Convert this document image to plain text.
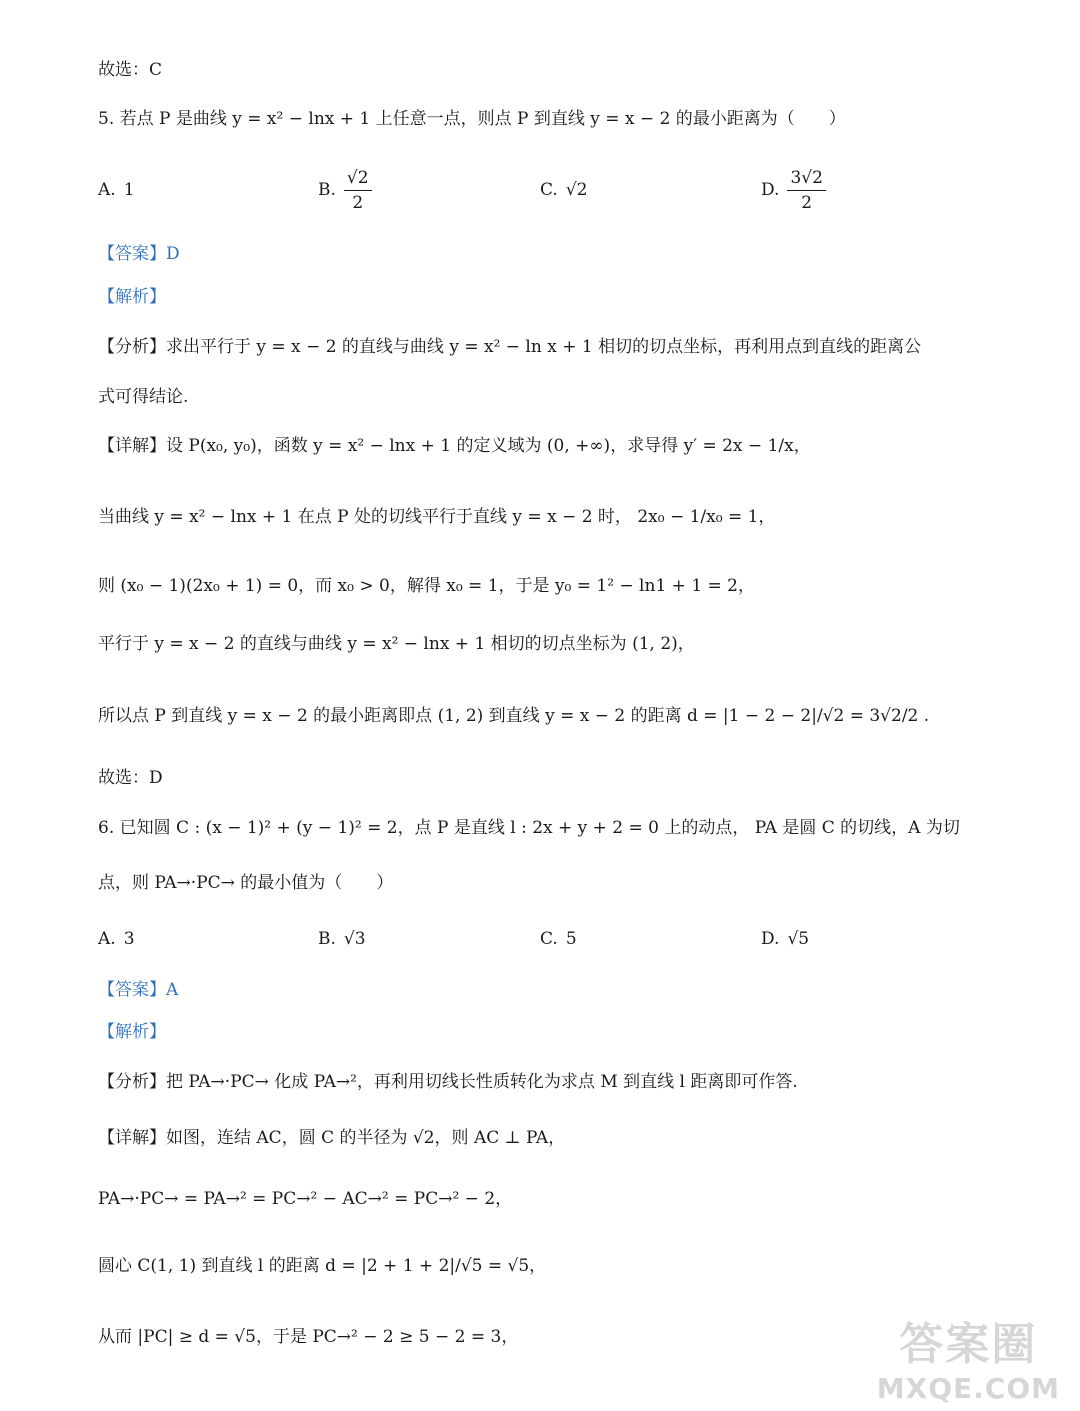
故选：C
5. 若点 P 是曲线 y = x² − lnx + 1 上任意一点，则点 P 到直线 y = x − 2 的最小距离为（　　）
A. 1	B. $\frac{√2}{2}$	C. √2	D. $\frac{3√2}{2}$
【答案】D
【解析】
【分析】求出平行于 y = x − 2 的直线与曲线 y = x² − ln x + 1 相切的切点坐标，再利用点到直线的距离公
式可得结论.
【详解】设 P(x₀, y₀)，函数 y = x² − lnx + 1 的定义域为 (0, +∞)，求导得 y′ = 2x − 1/x，
当曲线 y = x² − lnx + 1 在点 P 处的切线平行于直线 y = x − 2 时， 2x₀ − 1/x₀ = 1，
则 (x₀ − 1)(2x₀ + 1) = 0，而 x₀ > 0，解得 x₀ = 1，于是 y₀ = 1² − ln1 + 1 = 2，
平行于 y = x − 2 的直线与曲线 y = x² − lnx + 1 相切的切点坐标为 (1, 2)，
所以点 P 到直线 y = x − 2 的最小距离即点 (1, 2) 到直线 y = x − 2 的距离 d = |1 − 2 − 2|/√2 = 3√2/2 .
故选：D
6. 已知圆 C : (x − 1)² + (y − 1)² = 2，点 P 是直线 l : 2x + y + 2 = 0 上的动点， PA 是圆 C 的切线，A 为切
点，则 PA→·PC→ 的最小值为（　　）
A. 3	B. √3	C. 5	D. √5
【答案】A
【解析】
【分析】把 PA→·PC→ 化成 PA→²，再利用切线长性质转化为求点 M 到直线 l 距离即可作答.
【详解】如图，连结 AC，圆 C 的半径为 √2，则 AC ⊥ PA，
PA→·PC→ = PA→² = PC→² − AC→² = PC→² − 2，
圆心 C(1, 1) 到直线 l 的距离 d = |2 + 1 + 2|/√5 = √5，
从而 |PC| ≥ d = √5，于是 PC→² − 2 ≥ 5 − 2 = 3，	答案圈
MXQE.COM
